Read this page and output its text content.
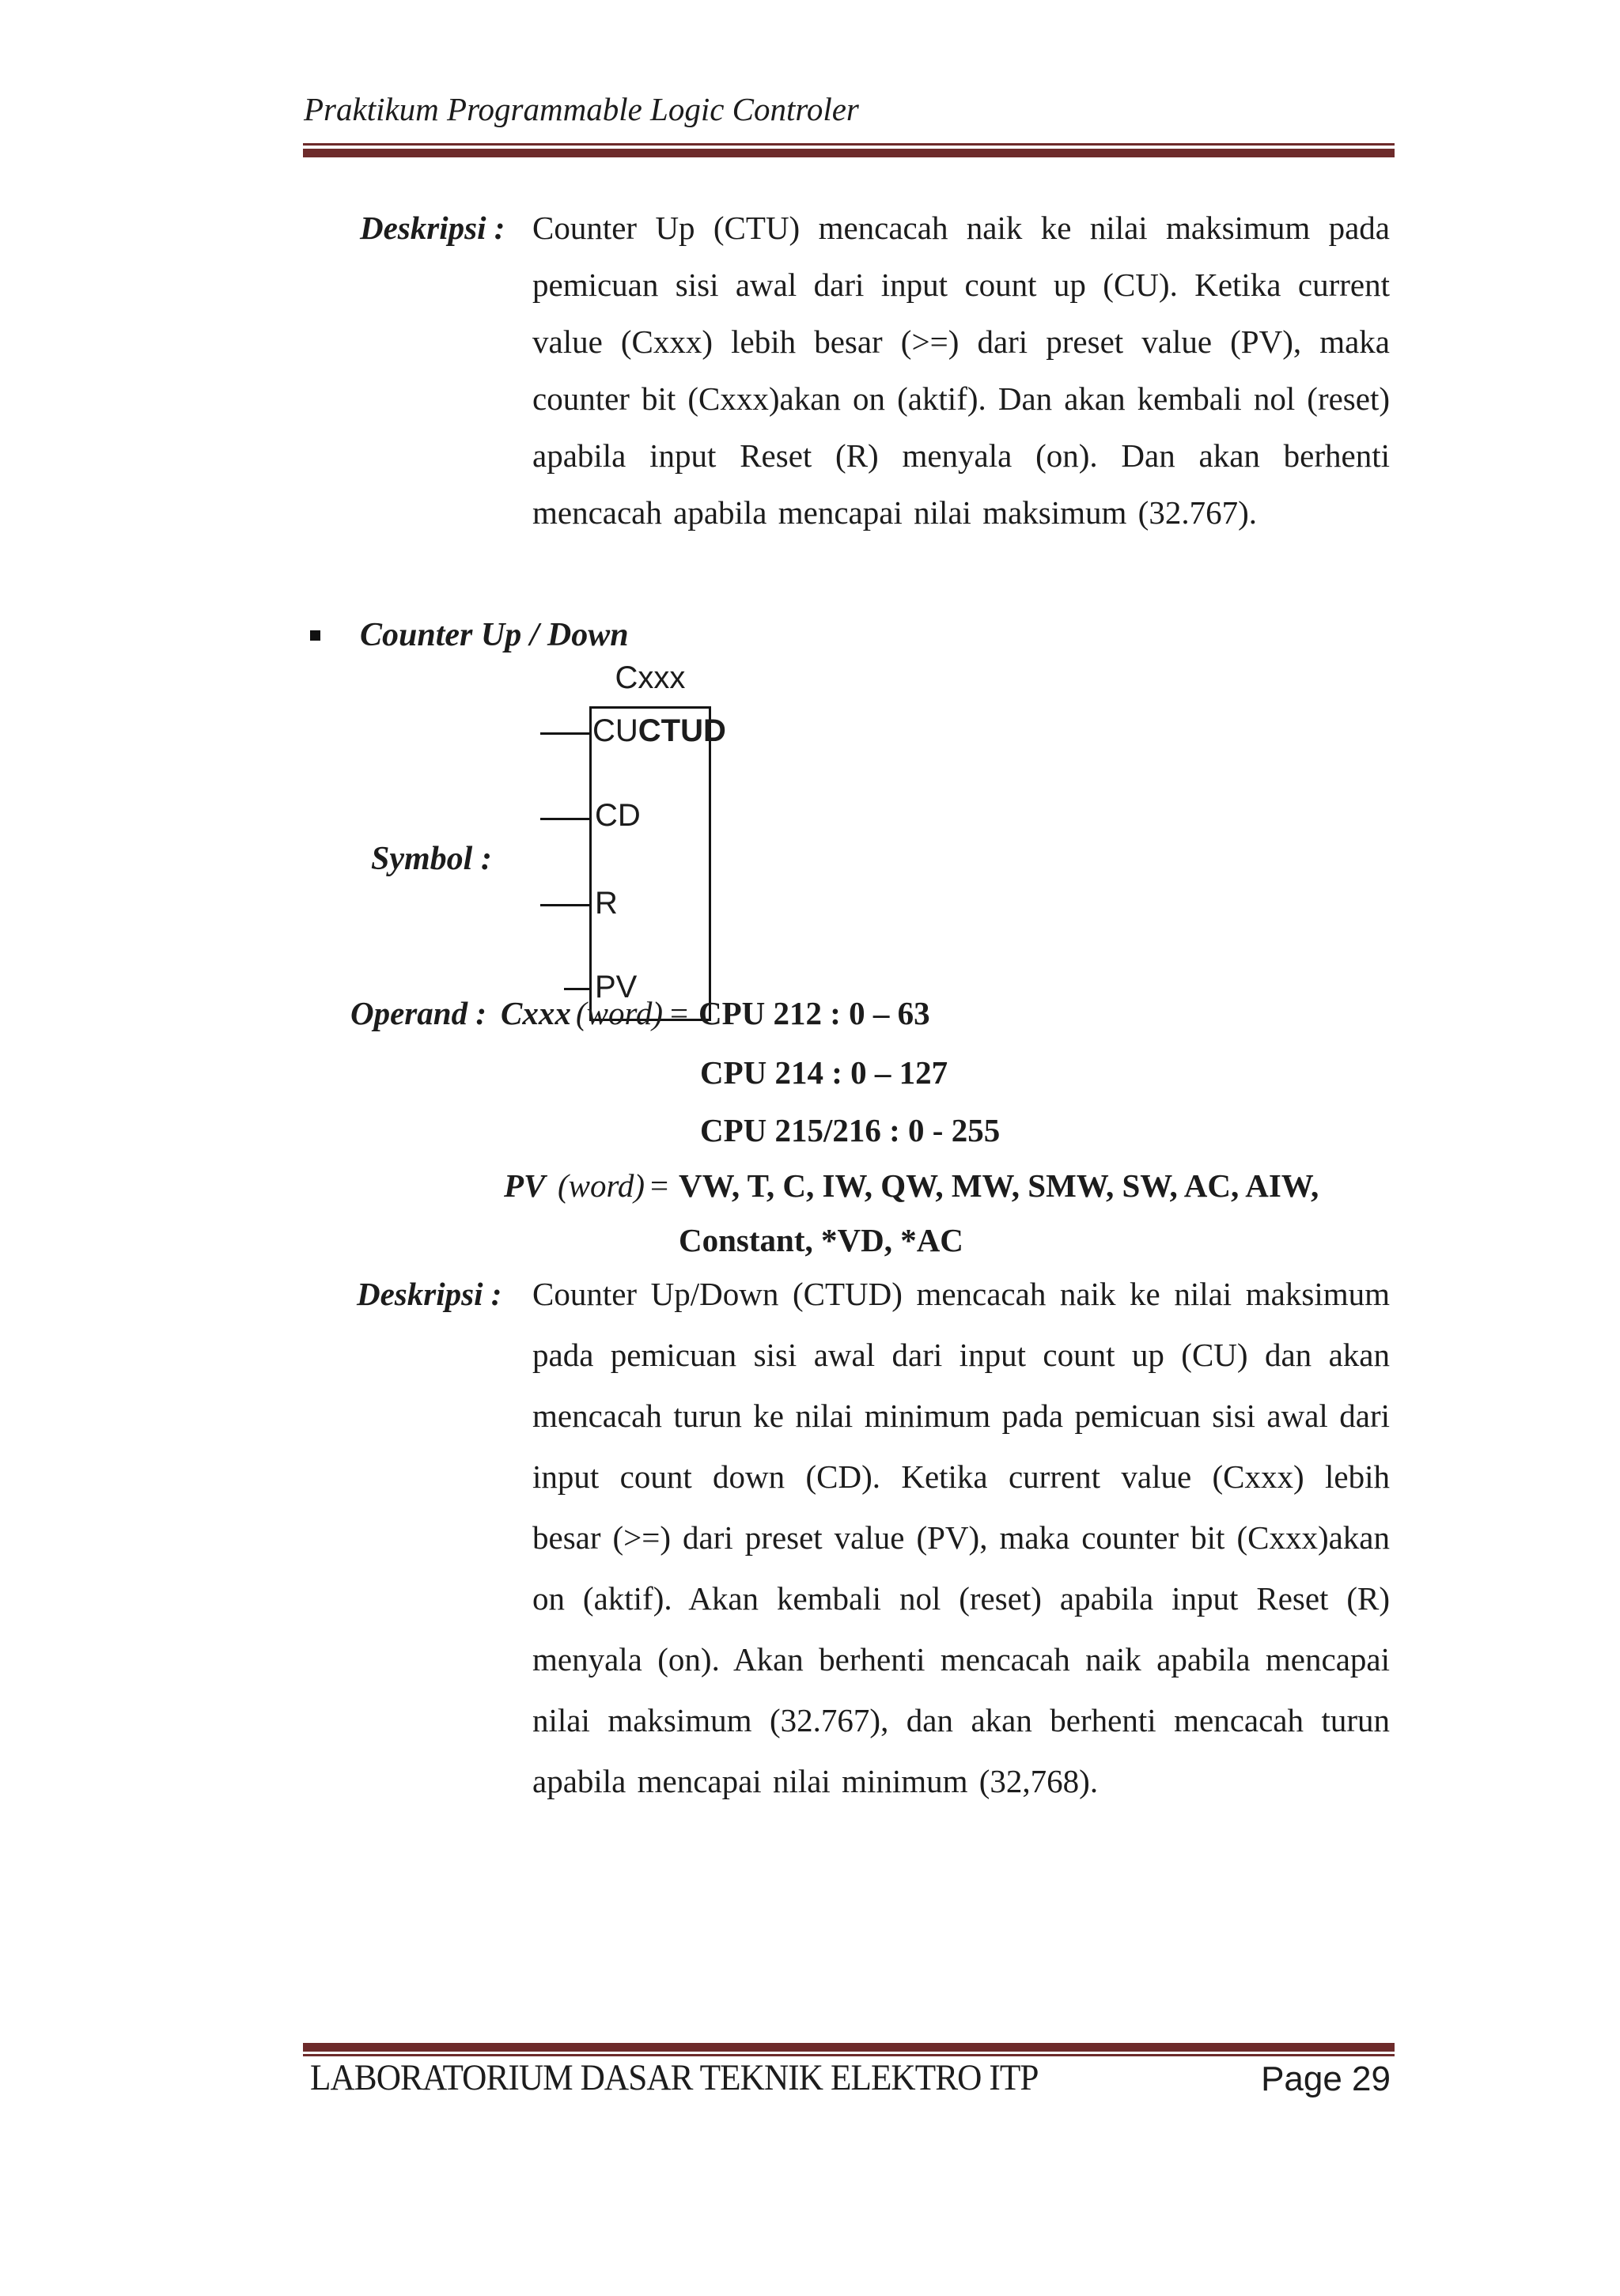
Praktikum Programmable Logic Controler
Deskripsi : Counter Up (CTU) mencacah naik ke nilai maksimum pada pemicuan sisi awal dari input count up (CU). Ketika current value (Cxxx) lebih besar (>=) dari preset value (PV), maka counter bit (Cxxx)akan on (aktif). Dan akan kembali nol (reset) apabila input Reset (R) menyala (on). Dan akan berhenti mencacah apabila mencapai nilai maksimum (32.767).
Counter Up / Down
Symbol :
Cxxx
CU CTUD
CD
R
PV
Operand : Cxxx (word) = CPU 212 : 0 – 63
CPU 214 : 0 – 127
CPU 215/216 : 0 - 255
PV (word) = VW, T, C, IW, QW, MW, SMW, SW, AC, AIW,
Constant, *VD, *AC
Deskripsi : Counter Up/Down (CTUD) mencacah naik ke nilai maksimum pada pemicuan sisi awal dari input count up (CU) dan akan mencacah turun ke nilai minimum pada pemicuan sisi awal dari input count down (CD). Ketika current value (Cxxx) lebih besar (>=) dari preset value (PV), maka counter bit (Cxxx)akan on (aktif). Akan kembali nol (reset) apabila input Reset (R) menyala (on). Akan berhenti mencacah naik apabila mencapai nilai maksimum (32.767), dan akan berhenti mencacah turun apabila mencapai nilai minimum (32,768).
LABORATORIUM DASAR TEKNIK ELEKTRO ITP	Page 29
